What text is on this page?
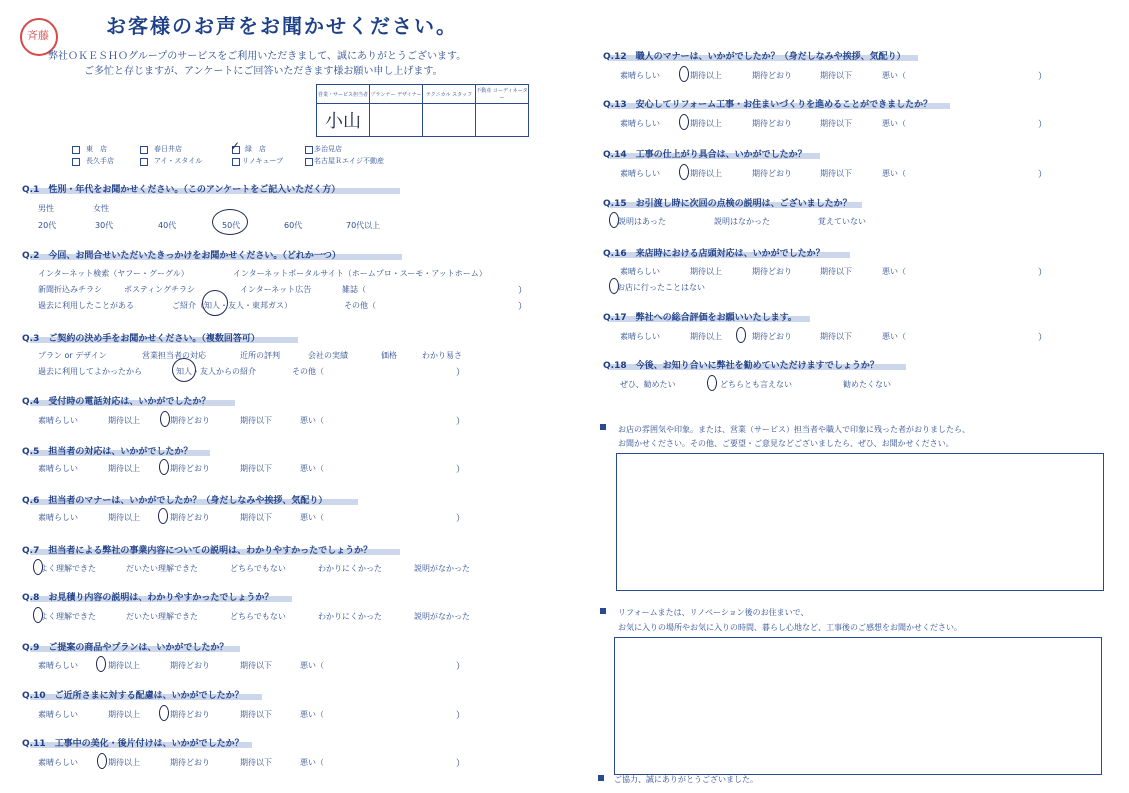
斉藤	お客様のお声をお聞かせください。
弊社ＯＫＥＳＨＯグループのサービスをご利用いただきまして、誠にありがとうございます。
ご多忙と存じますが、アンケートにご回答いただきます様お願い申し上げます。
営業・サービス担当者	プランナー デザイナー	テクニカル スタッフ	不動産 コーディネーター
小山			
東　店	春日井店	✓ 緑　店	多治見店
長久手店	アイ・スタイル	リノキューブ	名古屋Ｒエイジ不動産
Q.1　性別・年代をお聞かせください。（このアンケートをご記入いただく方）
男性	女性
20代	30代	40代	50代	60代	70代以上
Q.2　今回、お問合せいただいたきっかけをお聞かせください。（どれか一つ）
インターネット検索（ヤフー・グーグル）	インターネットポータルサイト（ホームプロ・スーモ・アットホーム）
新聞折込みチラシ	ポスティングチラシ	インターネット広告	雑誌（	）
過去に利用したことがある	ご紹介（知人・友人・東邦ガス）	その他（	）
Q.3　ご契約の決め手をお聞かせください。（複数回答可）
プラン or デザイン	営業担当者の対応	近所の評判	会社の実績	価格	わかり易さ
過去に利用してよかったから	知人・友人からの紹介	その他（	）
Q.4　受付時の電話対応は、いかがでしたか？
素晴らしい	期待以上	期待どおり	期待以下	悪い（	）
Q.5　担当者の対応は、いかがでしたか？
素晴らしい	期待以上	期待どおり	期待以下	悪い（	）
Q.6　担当者のマナーは、いかがでしたか？（身だしなみや挨拶、気配り）
素晴らしい	期待以上	期待どおり	期待以下	悪い（	）
Q.7　担当者による弊社の事業内容についての説明は、わかりやすかったでしょうか？
よく理解できた	だいたい理解できた	どちらでもない	わかりにくかった	説明がなかった
Q.8　お見積り内容の説明は、わかりやすかったでしょうか？
よく理解できた	だいたい理解できた	どちらでもない	わかりにくかった	説明がなかった
Q.9　ご提案の商品やプランは、いかがでしたか？
素晴らしい	期待以上	期待どおり	期待以下	悪い（	）
Q.10　ご近所さまに対する配慮は、いかがでしたか？
素晴らしい	期待以上	期待どおり	期待以下	悪い（	）
Q.11　工事中の美化・後片付けは、いかがでしたか？
素晴らしい	期待以上	期待どおり	期待以下	悪い（	）
Q.12　職人のマナーは、いかがでしたか？（身だしなみや挨拶、気配り）
素晴らしい	期待以上	期待どおり	期待以下	悪い（	）
Q.13　安心してリフォーム工事・お住まいづくりを進めることができましたか？
素晴らしい	期待以上	期待どおり	期待以下	悪い（	）
Q.14　工事の仕上がり具合は、いかがでしたか？
素晴らしい	期待以上	期待どおり	期待以下	悪い（	）
Q.15　お引渡し時に次回の点検の説明は、ございましたか？
説明はあった	説明はなかった	覚えていない
Q.16　来店時における店頭対応は、いかがでしたか？
素晴らしい	期待以上	期待どおり	期待以下	悪い（	）
お店に行ったことはない
Q.17　弊社への総合評価をお願いいたします。
素晴らしい	期待以上	期待どおり	期待以下	悪い（	）
Q.18　今後、お知り合いに弊社を勧めていただけますでしょうか？
ぜひ、勧めたい	どちらとも言えない	勧めたくない
お店の雰囲気や印象。または、営業（サービス）担当者や職人で印象に残った者がおりましたら、
お聞かせください。その他、ご要望・ご意見などございましたら、ぜひ、お聞かせください。
リフォームまたは、リノベーション後のお住まいで、
お気に入りの場所やお気に入りの時間、暮らし心地など、工事後のご感想をお聞かせください。
ご協力、誠にありがとうございました。
